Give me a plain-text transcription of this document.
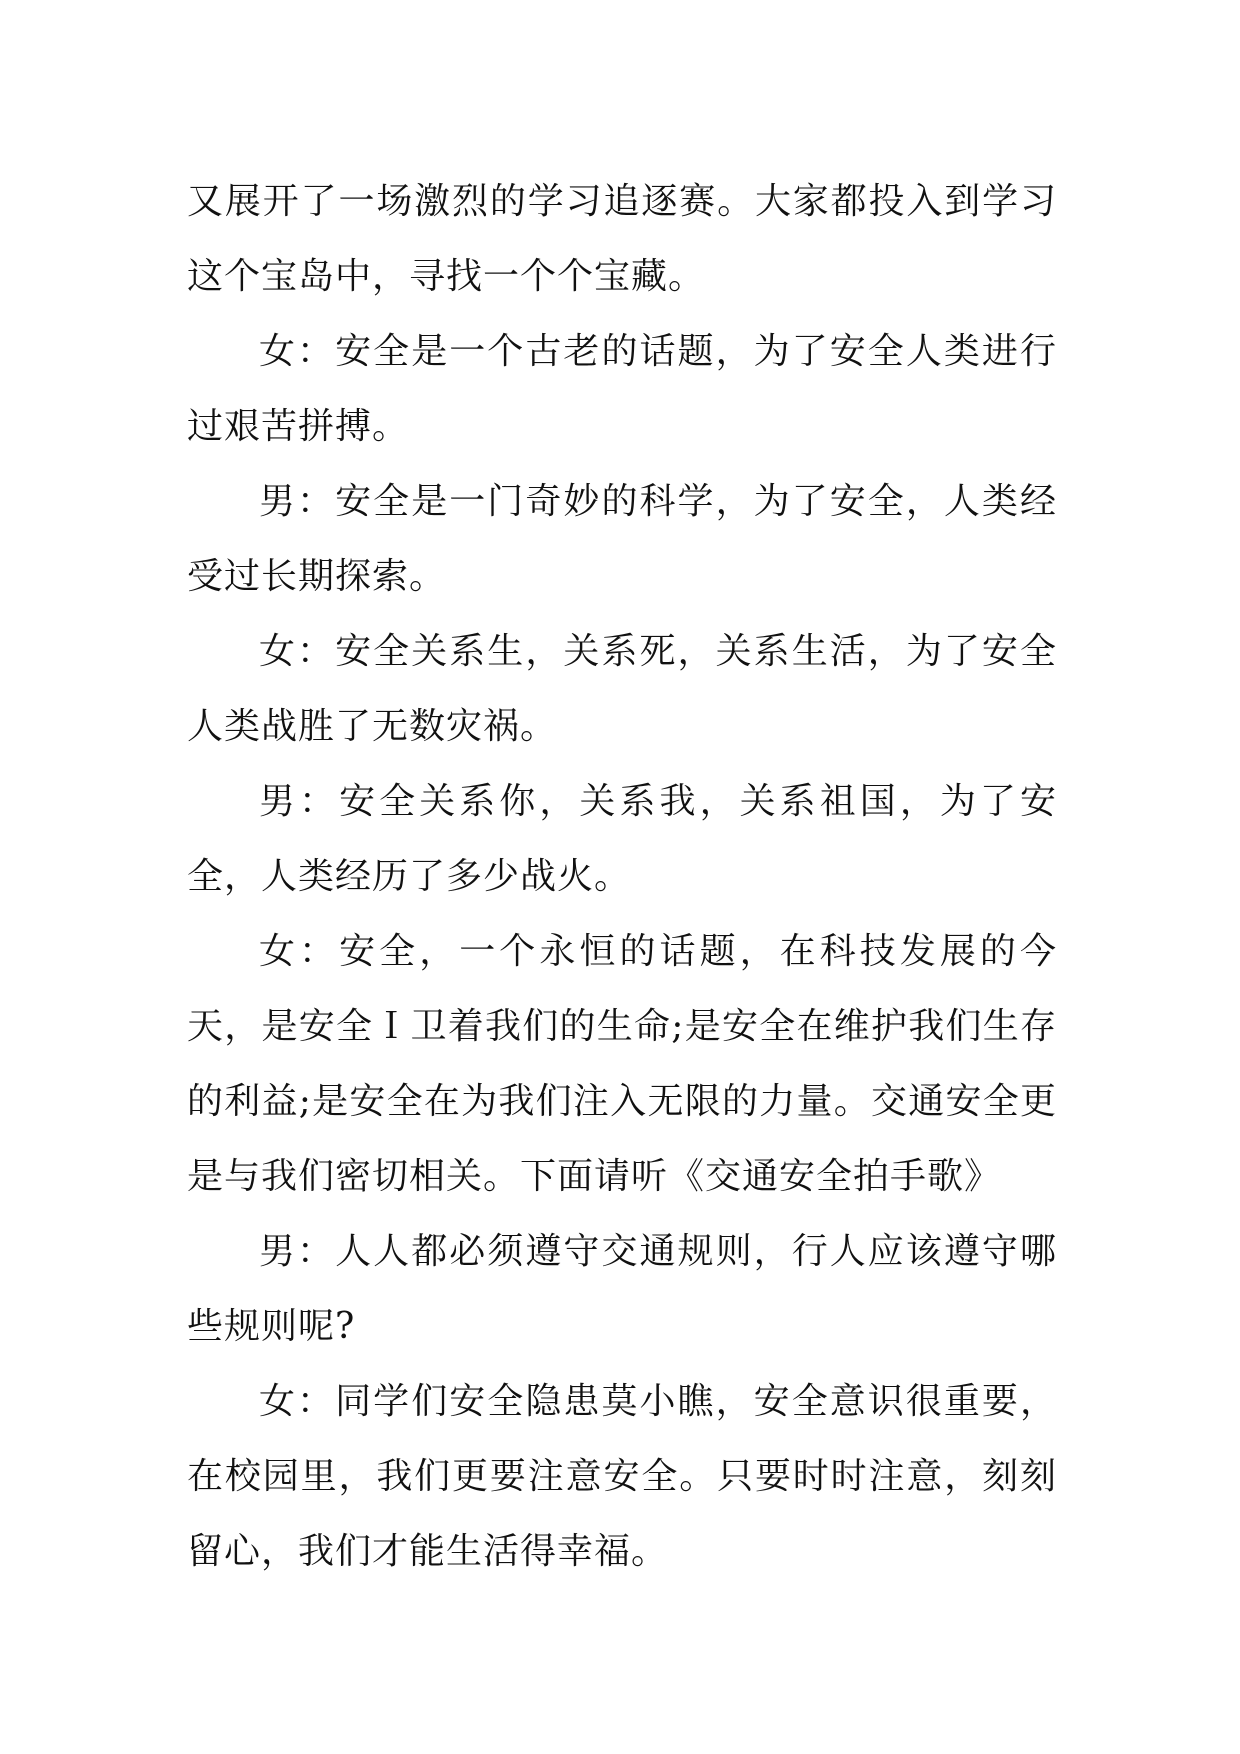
又展开了一场激烈的学习追逐赛。大家都投入到学习这个宝岛中，寻找一个个宝藏。

女：安全是一个古老的话题，为了安全人类进行过艰苦拼搏。

男：安全是一门奇妙的科学，为了安全，人类经受过长期探索。

女：安全关系生，关系死，关系生活，为了安全人类战胜了无数灾祸。

男：安全关系你，关系我，关系祖国，为了安全，人类经历了多少战火。

女：安全，一个永恒的话题，在科技发展的今天，是安全Ｉ卫着我们的生命;是安全在维护我们生存的利益;是安全在为我们注入无限的力量。交通安全更是与我们密切相关。下面请听《交通安全拍手歌》

男：人人都必须遵守交通规则，行人应该遵守哪些规则呢?

女：同学们安全隐患莫小瞧，安全意识很重要，在校园里，我们更要注意安全。只要时时注意，刻刻留心，我们才能生活得幸福。
